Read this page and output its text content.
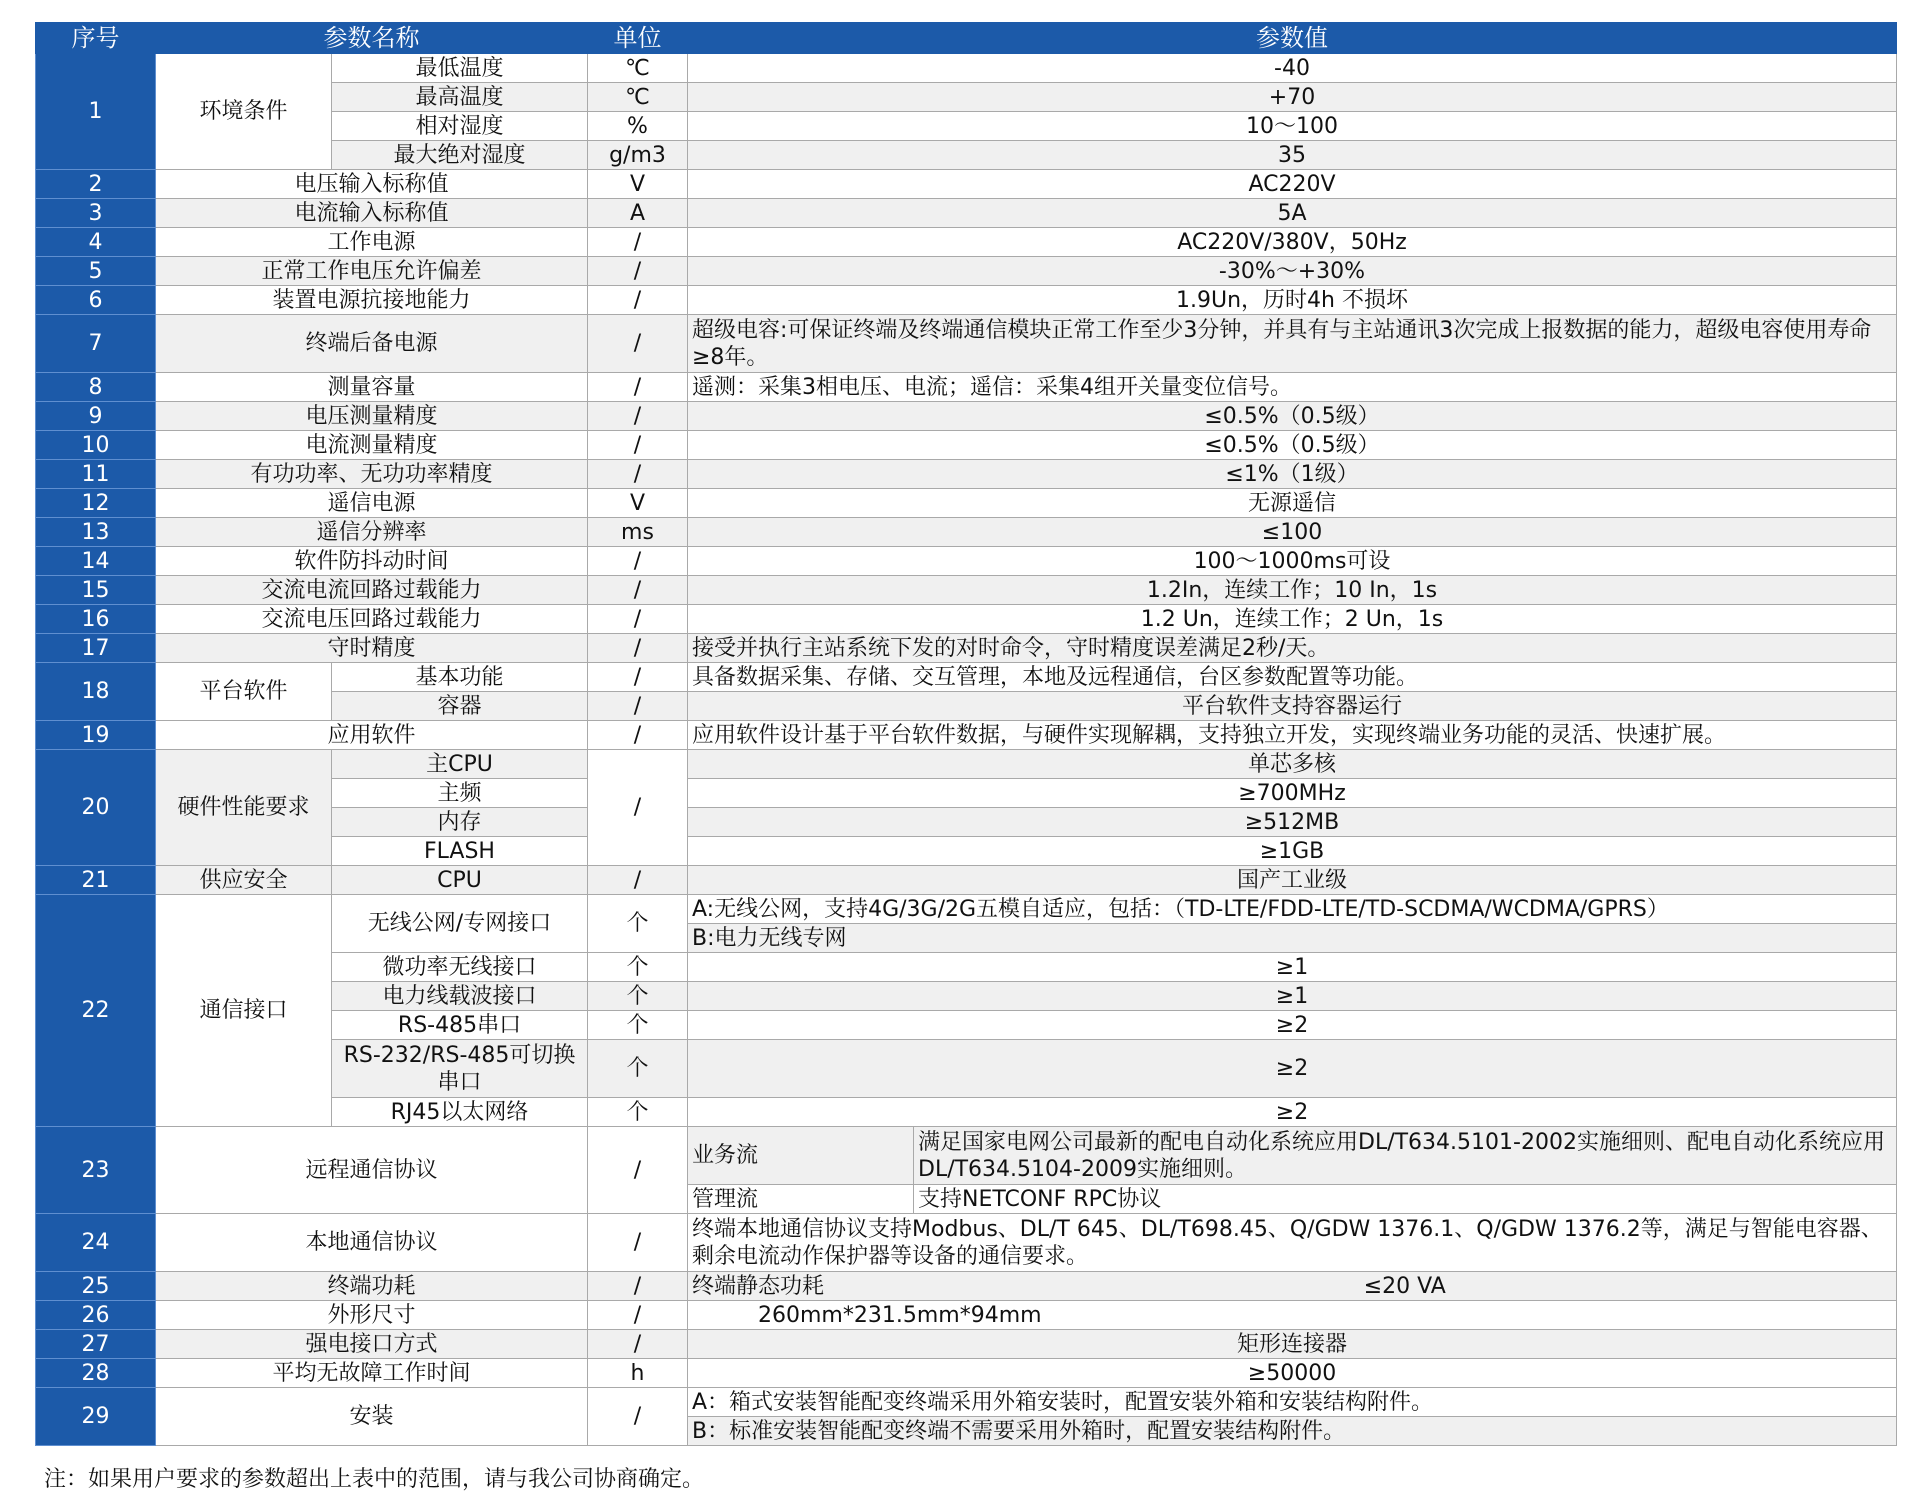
序号	参数名称		单位	参数值	
1	环境条件	最低温度	℃	-40	
		最高温度	℃	+70	
		相对湿度	%	10～100	
		最大绝对湿度	g/m3	35	
2	电压输入标称值		V	AC220V	
3	电流输入标称值		A	5A	
4	工作电源		/	AC220V/380V，50Hz	
5	正常工作电压允许偏差		/	-30%～+30%	
6	装置电源抗接地能力		/	1.9Un，历时4h 不损坏	
7	终端后备电源		/	超级电容:可保证终端及终端通信模块正常工作至少3分钟，并具有与主站通讯3次完成上报数据的能力，超级电容使用寿命≥8年。	
8	测量容量		/	遥测：采集3相电压、电流；遥信：采集4组开关量变位信号。	
9	电压测量精度		/	≤0.5%（0.5级）	
10	电流测量精度		/	≤0.5%（0.5级）	
11	有功功率、无功功率精度		/	≤1%（1级）	
12	遥信电源		V	无源遥信	
13	遥信分辨率		ms	≤100	
14	软件防抖动时间		/	100～1000ms可设	
15	交流电流回路过载能力		/	1.2In，连续工作；10 In，1s	
16	交流电压回路过载能力		/	1.2 Un，连续工作；2 Un，1s	
17	守时精度		/	接受并执行主站系统下发的对时命令，守时精度误差满足2秒/天。	
18	平台软件	基本功能	/	具备数据采集、存储、交互管理，本地及远程通信，台区参数配置等功能。	
		容器	/	平台软件支持容器运行	
19	应用软件		/	应用软件设计基于平台软件数据，与硬件实现解耦，支持独立开发，实现终端业务功能的灵活、快速扩展。	
20	硬件性能要求	主CPU	/	单芯多核	
		主频		≥700MHz	
		内存		≥512MB	
		FLASH		≥1GB	
21	供应安全	CPU	/	国产工业级	
22	通信接口	无线公网/专网接口	个	A:无线公网，支持4G/3G/2G五模自适应，包括：（TD-LTE/FDD-LTE/TD-SCDMA/WCDMA/GPRS）	
				B:电力无线专网	
		微功率无线接口	个	≥1	
		电力线载波接口	个	≥1	
		RS-485串口	个	≥2	
		RS-232/RS-485可切换串口	个	≥2	
		RJ45以太网络	个	≥2	
23	远程通信协议		/	业务流	满足国家电网公司最新的配电自动化系统应用DL/T634.5101-2002实施细则、配电自动化系统应用DL/T634.5104-2009实施细则。
				管理流	支持NETCONF RPC协议
24	本地通信协议		/	终端本地通信协议支持Modbus、DL/T 645、DL/T698.45、Q/GDW 1376.1、Q/GDW 1376.2等，满足与智能电容器、剩余电流动作保护器等设备的通信要求。	
25	终端功耗		/	终端静态功耗	≤20 VA
26	外形尺寸		/	260mm*231.5mm*94mm	
27	强电接口方式		/	矩形连接器	
28	平均无故障工作时间		h	≥50000	
29	安装		/	A：箱式安装智能配变终端采用外箱安装时，配置安装外箱和安装结构附件。	
				B：标准安装智能配变终端不需要采用外箱时，配置安装结构附件。	
注：如果用户要求的参数超出上表中的范围，请与我公司协商确定。
